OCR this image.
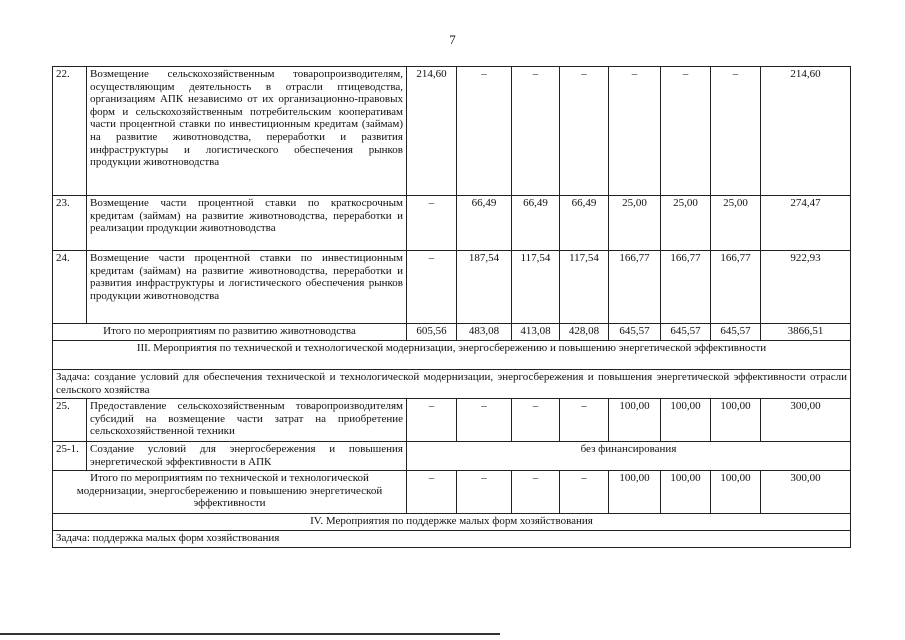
7
22.	Возмещение сельскохозяйственным товаропроизводителям, осуществляющим деятельность в отрасли птицеводства, организациям АПК независимо от их организационно-правовых форм и сельскохозяйственным потребительским кооперативам части процентной ставки по инвестиционным кредитам (займам) на развитие животноводства, переработки и развития инфраструктуры и логистического обеспечения рынков продукции животноводства	214,60	–	–	–	–	–	–	214,60
23.	Возмещение части процентной ставки по краткосрочным кредитам (займам) на развитие животноводства, переработки и реализации продукции животноводства	–	66,49	66,49	66,49	25,00	25,00	25,00	274,47
24.	Возмещение части процентной ставки по инвестиционным кредитам (займам) на развитие животноводства, переработки и развития инфраструктуры и логистического обеспечения рынков продукции животноводства	–	187,54	117,54	117,54	166,77	166,77	166,77	922,93
Итого по мероприятиям по развитию животноводства		605,56	483,08	413,08	428,08	645,57	645,57	645,57	3866,51
III. Мероприятия по технической и технологической модернизации, энергосбережению и повышению энергетической эффективности									
Задача: создание условий для обеспечения технической и технологической модернизации, энергосбережения и повышения энергетической эффективности отрасли сельского хозяйства									
25.	Предоставление сельскохозяйственным товаропроизводителям субсидий на возмещение части затрат на приобретение сельскохозяйственной техники	–	–	–	–	100,00	100,00	100,00	300,00
25-1.	Создание условий для энергосбережения и повышения энергетической эффективности в АПК	без финансирования							
Итого по мероприятиям по технической и технологической модернизации, энергосбережению и повышению энергетической эффективности		–	–	–	–	100,00	100,00	100,00	300,00
IV. Мероприятия по поддержке малых форм хозяйствования									
Задача: поддержка малых форм хозяйствования									
